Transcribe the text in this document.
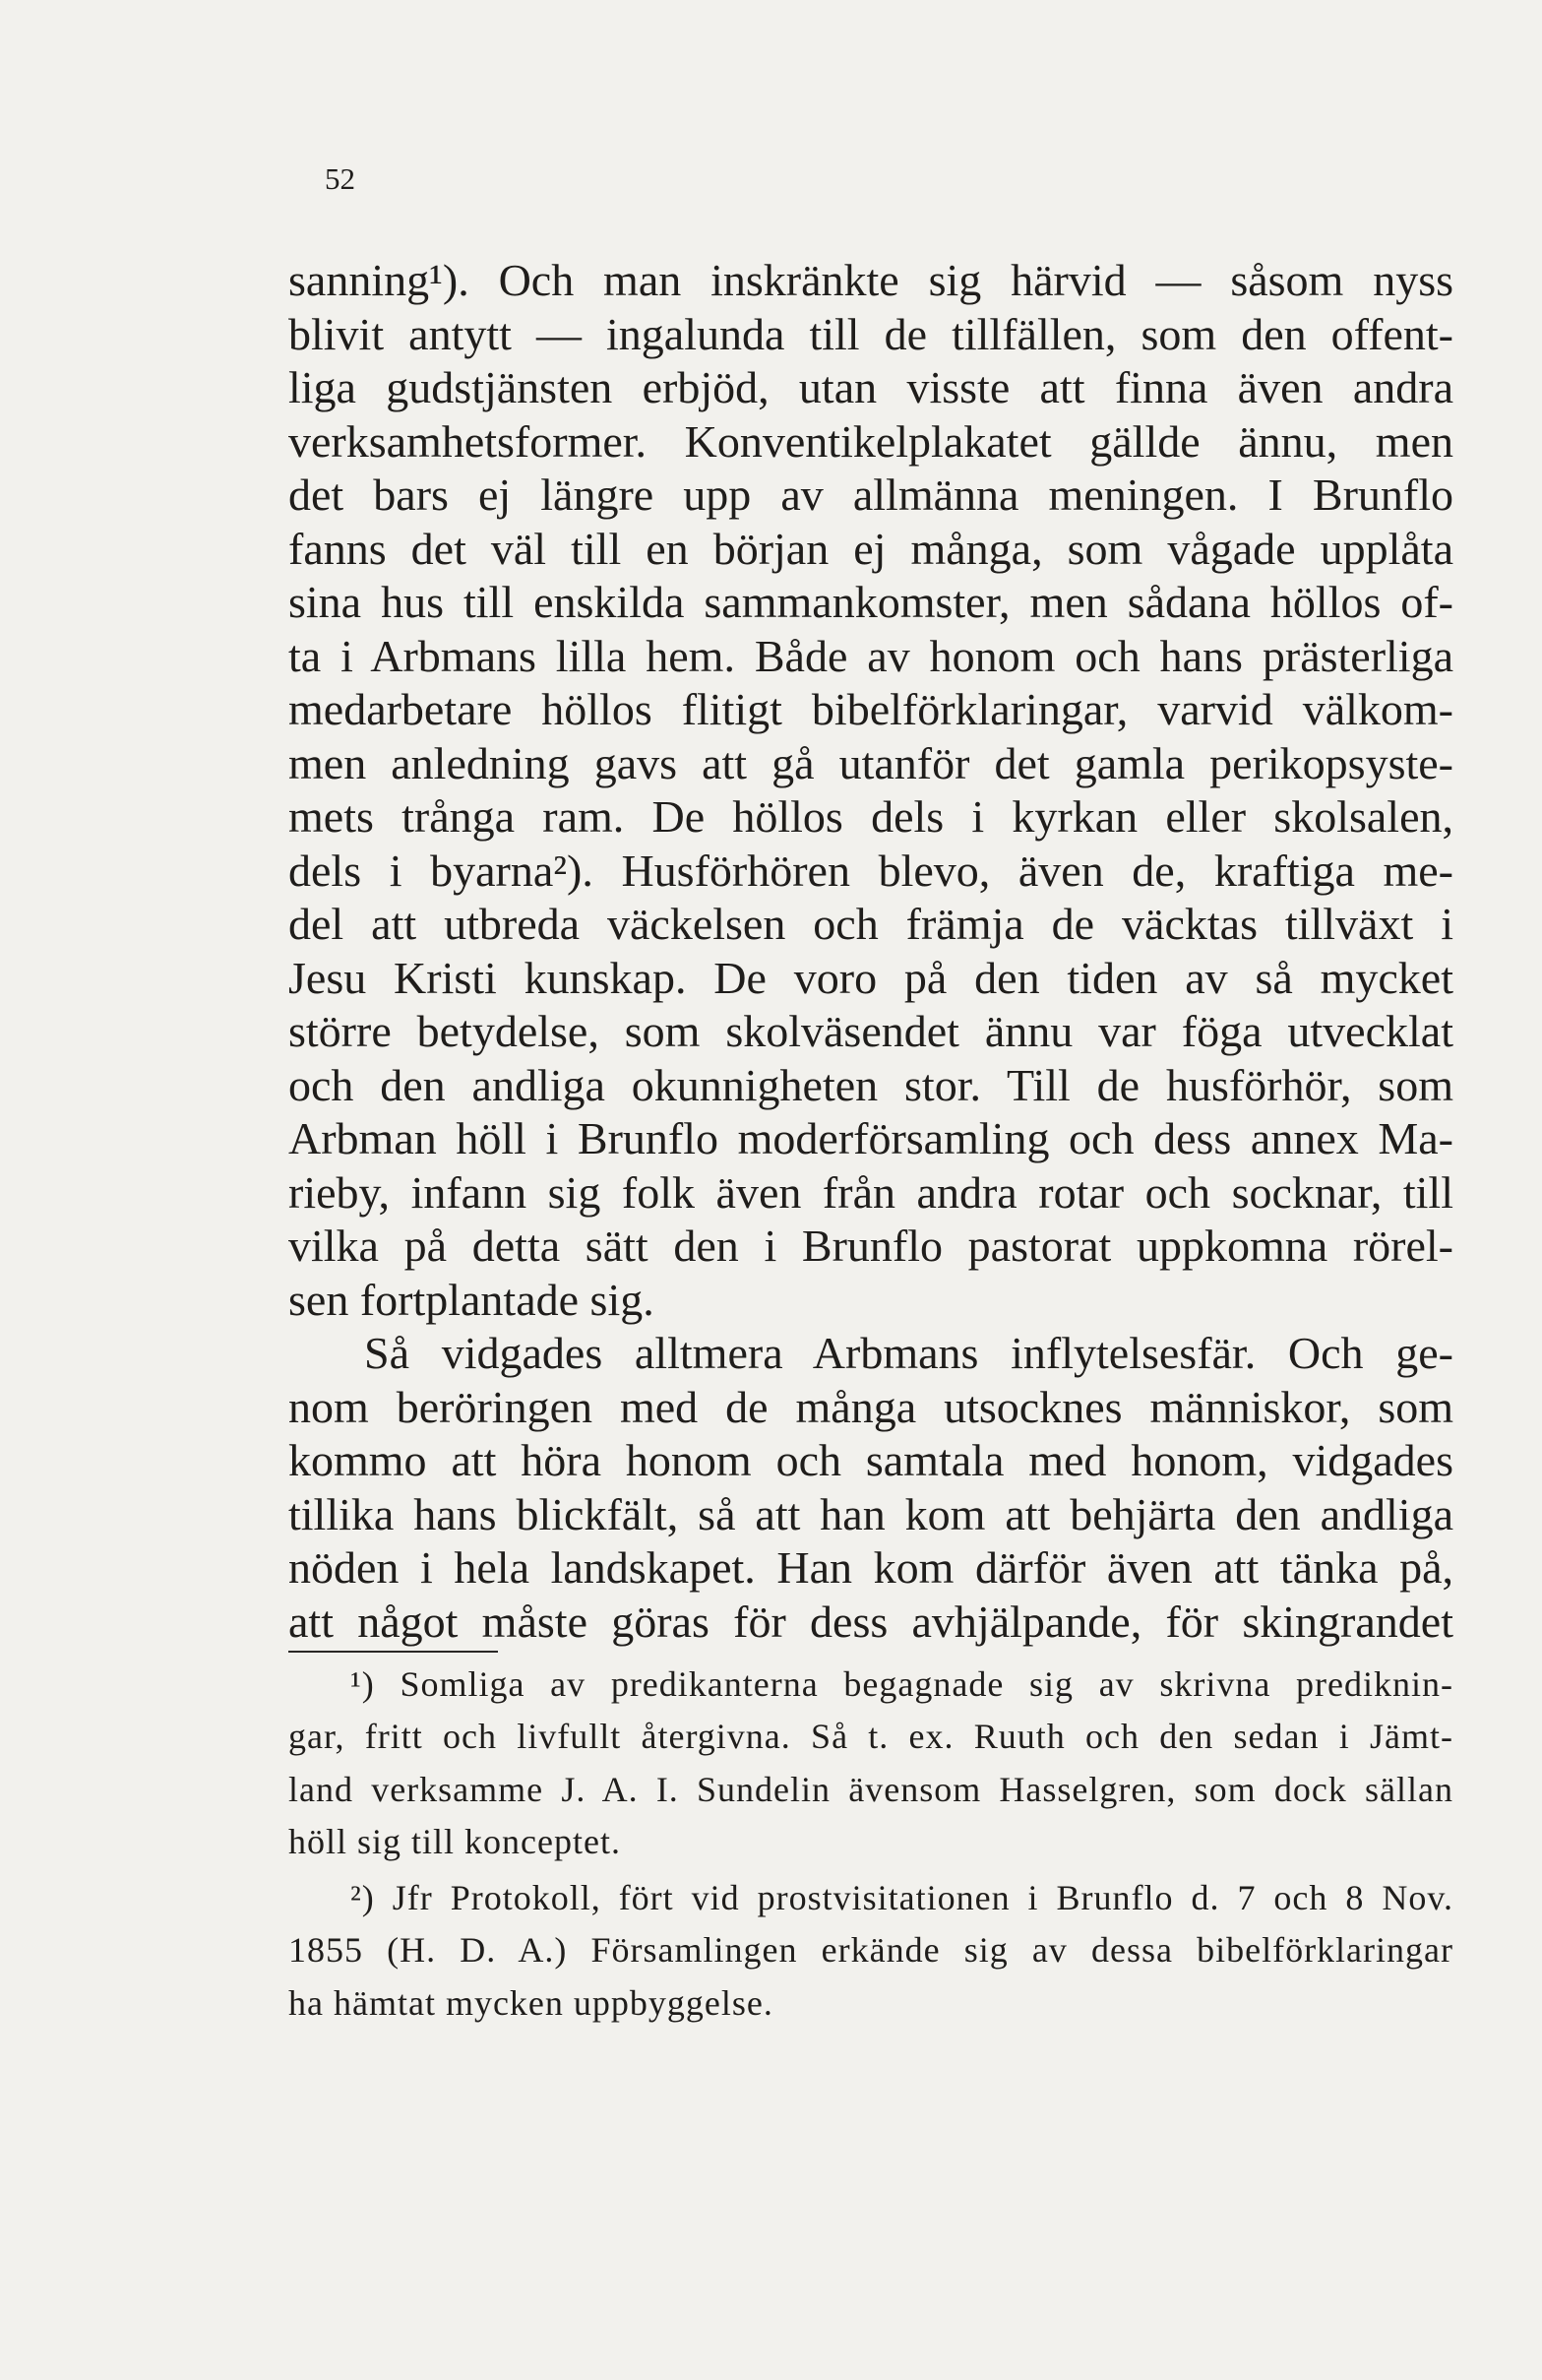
52
sanning¹). Och man inskränkte sig härvid — såsom nyss
blivit antytt — ingalunda till de tillfällen, som den offent-
liga gudstjänsten erbjöd, utan visste att finna även andra
verksamhetsformer. Konventikelplakatet gällde ännu, men
det bars ej längre upp av allmänna meningen. I Brunflo
fanns det väl till en början ej många, som vågade upplåta
sina hus till enskilda sammankomster, men sådana höllos of-
ta i Arbmans lilla hem. Både av honom och hans prästerliga
medarbetare höllos flitigt bibelförklaringar, varvid välkom-
men anledning gavs att gå utanför det gamla perikopsyste-
mets trånga ram. De höllos dels i kyrkan eller skolsalen,
dels i byarna²). Husförhören blevo, även de, kraftiga me-
del att utbreda väckelsen och främja de väcktas tillväxt i
Jesu Kristi kunskap. De voro på den tiden av så mycket
större betydelse, som skolväsendet ännu var föga utvecklat
och den andliga okunnigheten stor. Till de husförhör, som
Arbman höll i Brunflo moderförsamling och dess annex Ma-
rieby, infann sig folk även från andra rotar och socknar, till
vilka på detta sätt den i Brunflo pastorat uppkomna rörel-
sen fortplantade sig.
Så vidgades alltmera Arbmans inflytelsesfär. Och ge-
nom beröringen med de många utsocknes människor, som
kommo att höra honom och samtala med honom, vidgades
tillika hans blickfält, så att han kom att behjärta den andliga
nöden i hela landskapet. Han kom därför även att tänka på,
att något måste göras för dess avhjälpande, för skingrandet
¹) Somliga av predikanterna begagnade sig av skrivna prediknin-
gar, fritt och livfullt återgivna. Så t. ex. Ruuth och den sedan i Jämt-
land verksamme J. A. I. Sundelin ävensom Hasselgren, som dock sällan
höll sig till konceptet.
²) Jfr Protokoll, fört vid prostvisitationen i Brunflo d. 7 och 8 Nov.
1855 (H. D. A.) Församlingen erkände sig av dessa bibelförklaringar
ha hämtat mycken uppbyggelse.
